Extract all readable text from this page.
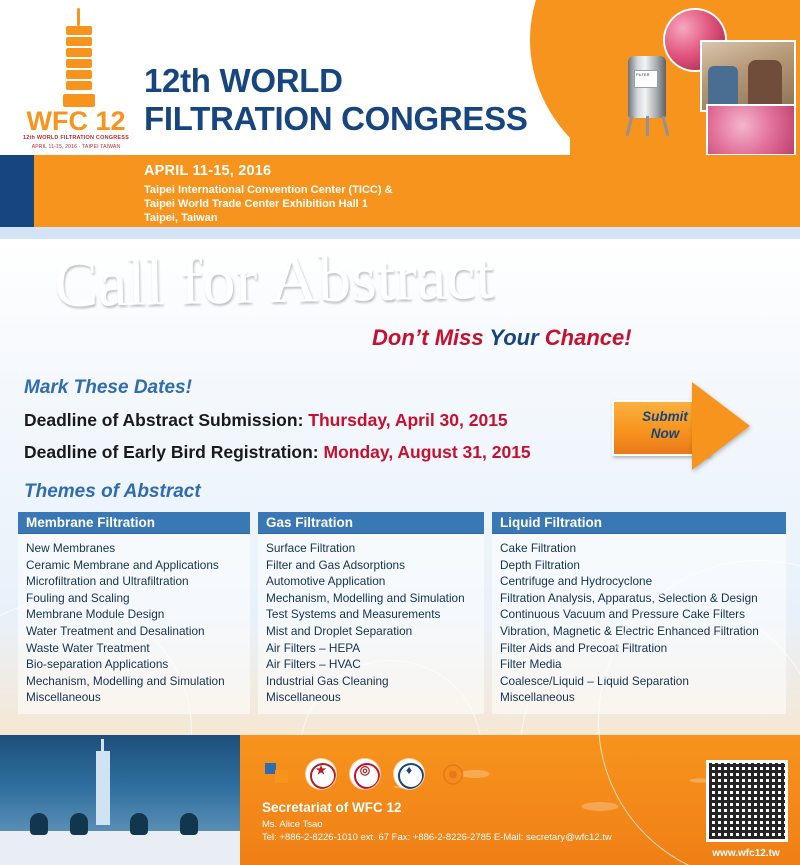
FILTER
WFC 12
12th WORLD FILTRATION CONGRESS
APRIL 11-15, 2016 · TAIPEI TAIWAN
12th WORLD
FILTRATION CONGRESS
APRIL 11-15, 2016
Taipei International Convention Center (TICC) &
Taipei World Trade Center Exhibition Hall 1
Taipei, Taiwan
Call for Abstract
Don’t Miss Your Chance!
Mark These Dates!
Deadline of Abstract Submission: Thursday, April 30, 2015
Deadline of Early Bird Registration: Monday, August 31, 2015
Submit
Now
Themes of Abstract
Membrane Filtration
New Membranes
Ceramic Membrane and Applications
Microfiltration and Ultrafiltration
Fouling and Scaling
Membrane Module Design
Water Treatment and Desalination
Waste Water Treatment
Bio-separation Applications
Mechanism, Modelling and Simulation
Miscellaneous
Gas Filtration
Surface Filtration
Filter and Gas Adsorptions
Automotive Application
Mechanism, Modelling and Simulation
Test Systems and Measurements
Mist and Droplet Separation
Air Filters – HEPA
Air Filters – HVAC
Industrial Gas Cleaning
Miscellaneous
Liquid Filtration
Cake Filtration
Depth Filtration
Centrifuge and Hydrocyclone
Filtration Analysis, Apparatus, Selection & Design
Continuous Vacuum and Pressure Cake Filters
Vibration, Magnetic & Electric Enhanced Filtration
Filter Aids and Precoat Filtration
Filter Media
Coalesce/Liquid – Liquid Separation
Miscellaneous
★	◎	♦	⦿
Secretariat of WFC 12
Ms. Alice Tsao
Tel: +886-2-8226-1010 ext. 67 Fax: +886-2-8226-2785 E-Mail: secretary@wfc12.tw
www.wfc12.tw
